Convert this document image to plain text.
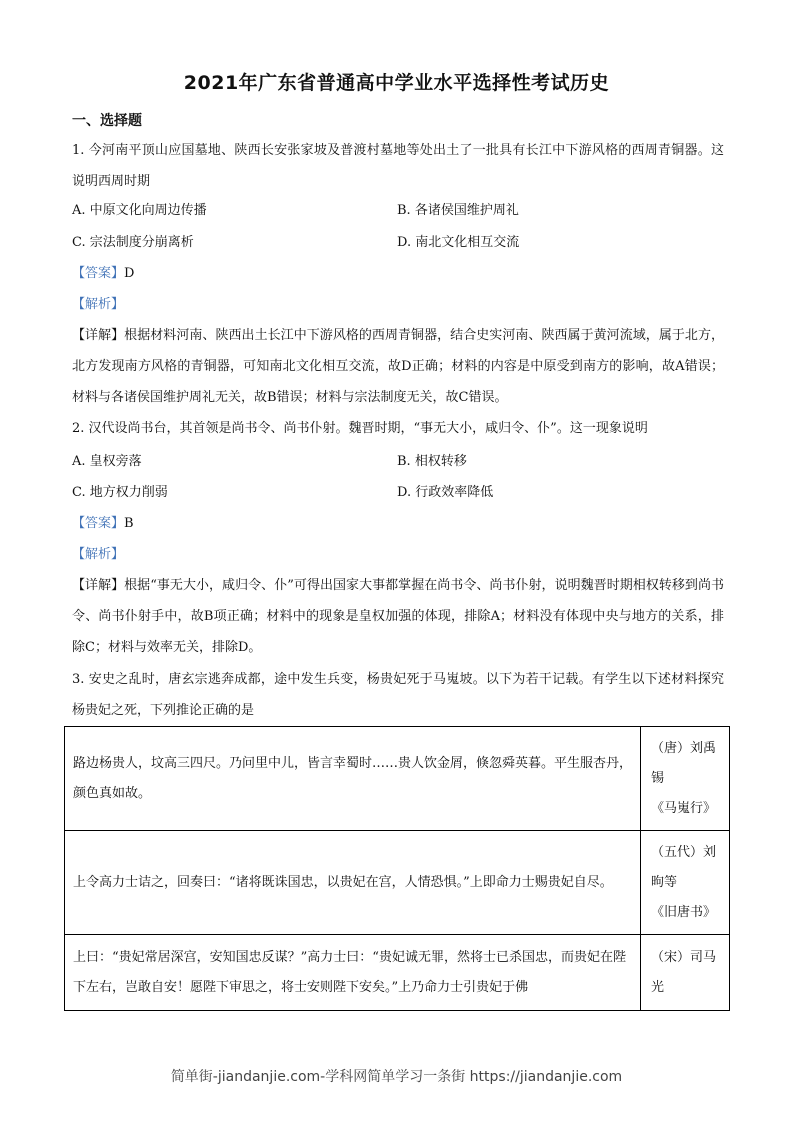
2021年广东省普通高中学业水平选择性考试历史
一、选择题
1. 今河南平顶山应国墓地、陕西长安张家坡及普渡村墓地等处出土了一批具有长江中下游风格的西周青铜器。这说明西周时期
A. 中原文化向周边传播	B. 各诸侯国维护周礼
C. 宗法制度分崩离析	D. 南北文化相互交流
【答案】D
【解析】
【详解】根据材料河南、陕西出土长江中下游风格的西周青铜器，结合史实河南、陕西属于黄河流域，属于北方，北方发现南方风格的青铜器，可知南北文化相互交流，故D正确；材料的内容是中原受到南方的影响，故A错误；材料与各诸侯国维护周礼无关，故B错误；材料与宗法制度无关，故C错误。
2. 汉代设尚书台，其首领是尚书令、尚书仆射。魏晋时期，“事无大小，咸归令、仆”。这一现象说明
A. 皇权旁落	B. 相权转移
C. 地方权力削弱	D. 行政效率降低
【答案】B
【解析】
【详解】根据“事无大小，咸归令、仆”可得出国家大事都掌握在尚书令、尚书仆射，说明魏晋时期相权转移到尚书令、尚书仆射手中，故B项正确；材料中的现象是皇权加强的体现，排除A；材料没有体现中央与地方的关系，排除C；材料与效率无关，排除D。
3. 安史之乱时，唐玄宗逃奔成都，途中发生兵变，杨贵妃死于马嵬坡。以下为若干记载。有学生以下述材料探究杨贵妃之死，下列推论正确的是
路边杨贵人，坟高三四尺。乃问里中儿，皆言幸蜀时……贵人饮金屑，倏忽舜英暮。平生服杏丹，颜色真如故。	（唐）刘禹
锡
《马嵬行》

上令高力士诘之，回奏曰：“诸将既诛国忠，以贵妃在宫，人情恐惧。”上即命力士赐贵妃自尽。	（五代）刘
昫等
《旧唐书》

上曰：“贵妃常居深宫，安知国忠反谋？”高力士曰：“贵妃诚无罪，然将士已杀国忠，而贵妃在陛下左右，岂敢自安！愿陛下审思之，将士安则陛下安矣。”上乃命力士引贵妃于佛	（宋）司马
光
简单街-jiandanjie.com-学科网简单学习一条街 https://jiandanjie.com
